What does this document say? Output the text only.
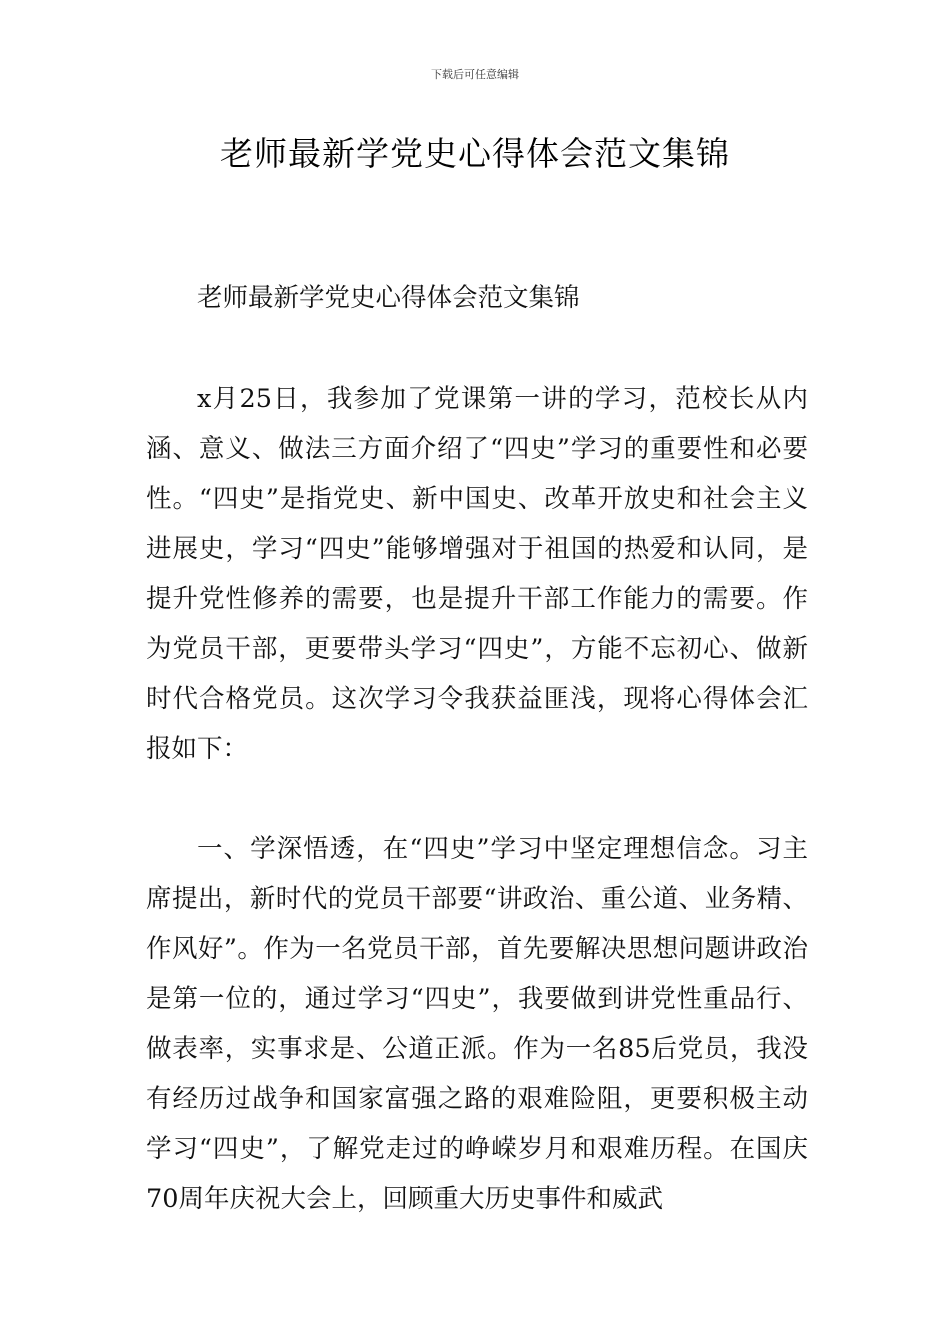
下载后可任意编辑
老师最新学党史心得体会范文集锦

老师最新学党史心得体会范文集锦

x月25日，我参加了党课第一讲的学习，范校长从内涵、意义、做法三方面介绍了“四史”学习的重要性和必要性。“四史”是指党史、新中国史、改革开放史和社会主义进展史，学习“四史”能够增强对于祖国的热爱和认同，是提升党性修养的需要，也是提升干部工作能力的需要。作为党员干部，更要带头学习“四史”，方能不忘初心、做新时代合格党员。这次学习令我获益匪浅，现将心得体会汇报如下：

一、学深悟透，在“四史”学习中坚定理想信念。习主席提出，新时代的党员干部要“讲政治、重公道、业务精、作风好”。作为一名党员干部，首先要解决思想问题讲政治是第一位的，通过学习“四史”，我要做到讲党性重品行、做表率，实事求是、公道正派。作为一名85后党员，我没有经历过战争和国家富强之路的艰难险阻，更要积极主动学习“四史”，了解党走过的峥嵘岁月和艰难历程。在国庆70周年庆祝大会上，回顾重大历史事件和威武
